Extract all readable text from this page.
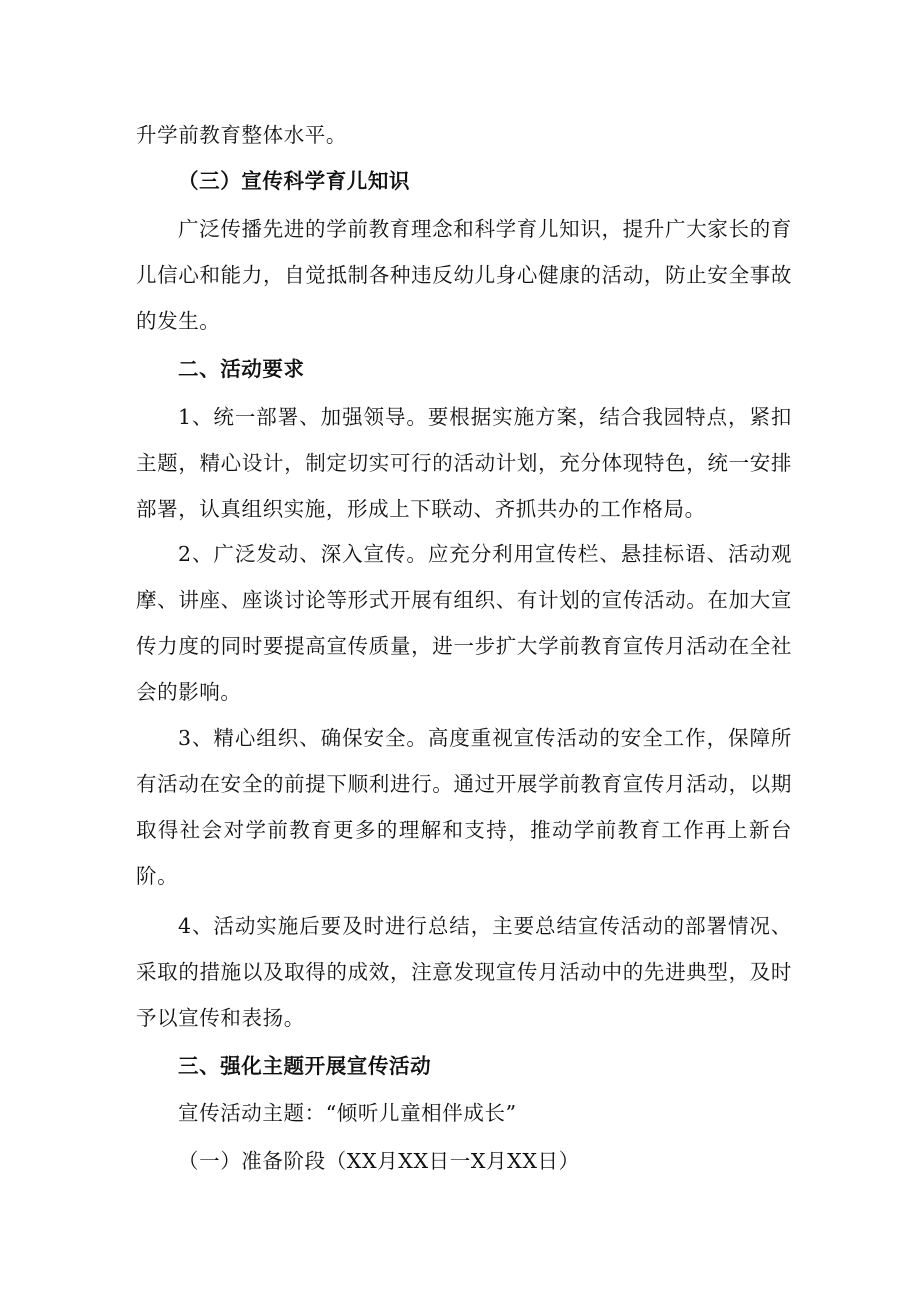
升学前教育整体水平。

（三）宣传科学育儿知识

广泛传播先进的学前教育理念和科学育儿知识，提升广大家长的育儿信心和能力，自觉抵制各种违反幼儿身心健康的活动，防止安全事故的发生。

二、活动要求

1、统一部署、加强领导。要根据实施方案，结合我园特点，紧扣主题，精心设计，制定切实可行的活动计划，充分体现特色，统一安排部署，认真组织实施，形成上下联动、齐抓共办的工作格局。

2、广泛发动、深入宣传。应充分利用宣传栏、悬挂标语、活动观摩、讲座、座谈讨论等形式开展有组织、有计划的宣传活动。在加大宣传力度的同时要提高宣传质量，进一步扩大学前教育宣传月活动在全社会的影响。

3、精心组织、确保安全。高度重视宣传活动的安全工作，保障所有活动在安全的前提下顺利进行。通过开展学前教育宣传月活动，以期取得社会对学前教育更多的理解和支持，推动学前教育工作再上新台阶。

4、活动实施后要及时进行总结，主要总结宣传活动的部署情况、采取的措施以及取得的成效，注意发现宣传月活动中的先进典型，及时予以宣传和表扬。

三、强化主题开展宣传活动

宣传活动主题：“倾听儿童相伴成长”

（一）准备阶段（XX月XX日一X月XX日）
